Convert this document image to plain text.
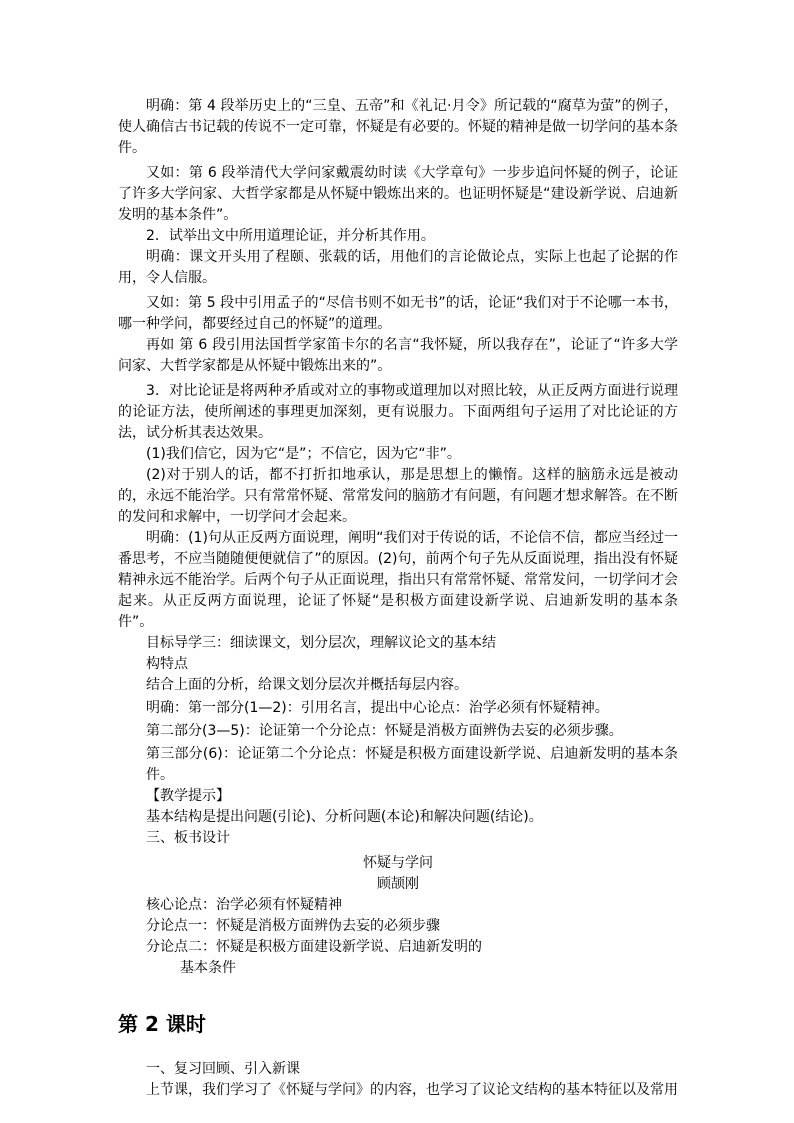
明确：第 4 段举历史上的“三皇、五帝”和《礼记·月令》所记载的“腐草为萤”的例子，使人确信古书记载的传说不一定可靠，怀疑是有必要的。怀疑的精神是做一切学问的基本条件。

又如：第 6 段举清代大学问家戴震幼时读《大学章句》一步步追问怀疑的例子，论证了许多大学问家、大哲学家都是从怀疑中锻炼出来的。也证明怀疑是“建设新学说、启迪新发明的基本条件”。

2．试举出文中所用道理论证，并分析其作用。

明确：课文开头用了程颐、张载的话，用他们的言论做论点，实际上也起了论据的作用，令人信服。

又如：第 5 段中引用孟子的“尽信书则不如无书”的话，论证“我们对于不论哪一本书，哪一种学问，都要经过自己的怀疑”的道理。

再如 第 6 段引用法国哲学家笛卡尔的名言“我怀疑，所以我存在”，论证了“许多大学问家、大哲学家都是从怀疑中锻炼出来的”。

3．对比论证是将两种矛盾或对立的事物或道理加以对照比较，从正反两方面进行说理的论证方法，使所阐述的事理更加深刻，更有说服力。下面两组句子运用了对比论证的方法，试分析其表达效果。

(1)我们信它，因为它“是”；不信它，因为它“非”。

(2)对于别人的话，都不打折扣地承认，那是思想上的懒惰。这样的脑筋永远是被动的，永远不能治学。只有常常怀疑、常常发问的脑筋才有问题，有问题才想求解答。在不断的发问和求解中，一切学问才会起来。

明确：(1)句从正反两方面说理，阐明“我们对于传说的话，不论信不信，都应当经过一番思考，不应当随随便便就信了”的原因。(2)句，前两个句子先从反面说理，指出没有怀疑精神永远不能治学。后两个句子从正面说理，指出只有常常怀疑、常常发问，一切学问才会起来。从正反两方面说理，论证了怀疑“是积极方面建设新学说、启迪新发明的基本条件”。

目标导学三：细读课文，划分层次，理解议论文的基本结

构特点

结合上面的分析，给课文划分层次并概括每层内容。

明确：第一部分(1—2)：引用名言，提出中心论点：治学必须有怀疑精神。

第二部分(3—5)：论证第一个分论点：怀疑是消极方面辨伪去妄的必须步骤。

第三部分(6)：论证第二个分论点：怀疑是积极方面建设新学说、启迪新发明的基本条件。

【教学提示】

基本结构是提出问题(引论)、分析问题(本论)和解决问题(结论)。

三、板书设计

怀疑与学问

顾颉刚

核心论点：治学必须有怀疑精神

分论点一：怀疑是消极方面辨伪去妄的必须步骤

分论点二：怀疑是积极方面建设新学说、启迪新发明的

基本条件

第 2 课时

一、复习回顾、引入新课

上节课，我们学习了《怀疑与学问》的内容，也学习了议论文结构的基本特征以及常用
